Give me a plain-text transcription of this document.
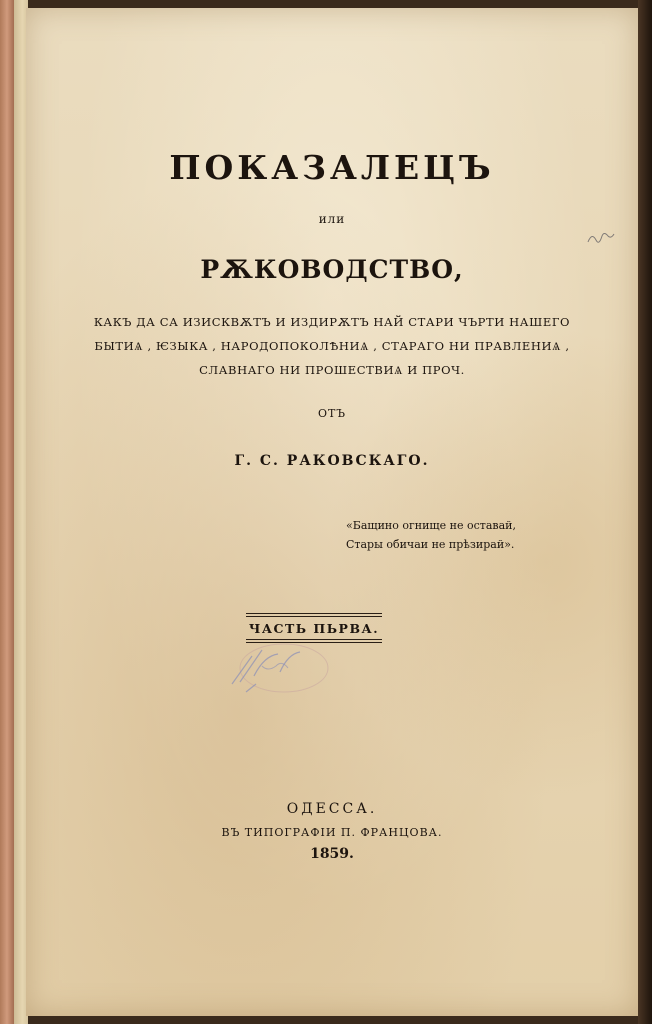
ПОКАЗАЛЕЦЪ
или
РѪКОВОДСТВО,
КАКЪ ДА СА ИЗИСКВѪТЪ И ИЗДИРѪТЪ НАЙ СТАРИ ЧЪРТИ НАШЕГО
БЫТИѦ , ѤЗЫКА , НАРОДОПОКОЛѢНИѦ , СТАРАГО НИ ПРАВЛЕНИѦ ,
СЛАВНАГО НИ ПРОШЕСТВИѦ И ПРОЧ.
ОТЪ
Г. С. РАКОВСКАГО.
«Бащино огнище не оставай,
Стары обичаи не прѣзирай».
ЧАСТЬ ПЬРВА.
ОДЕССА.
ВЪ ТИПОГРАФІИ П. ФРАНЦОВА.
1859.
